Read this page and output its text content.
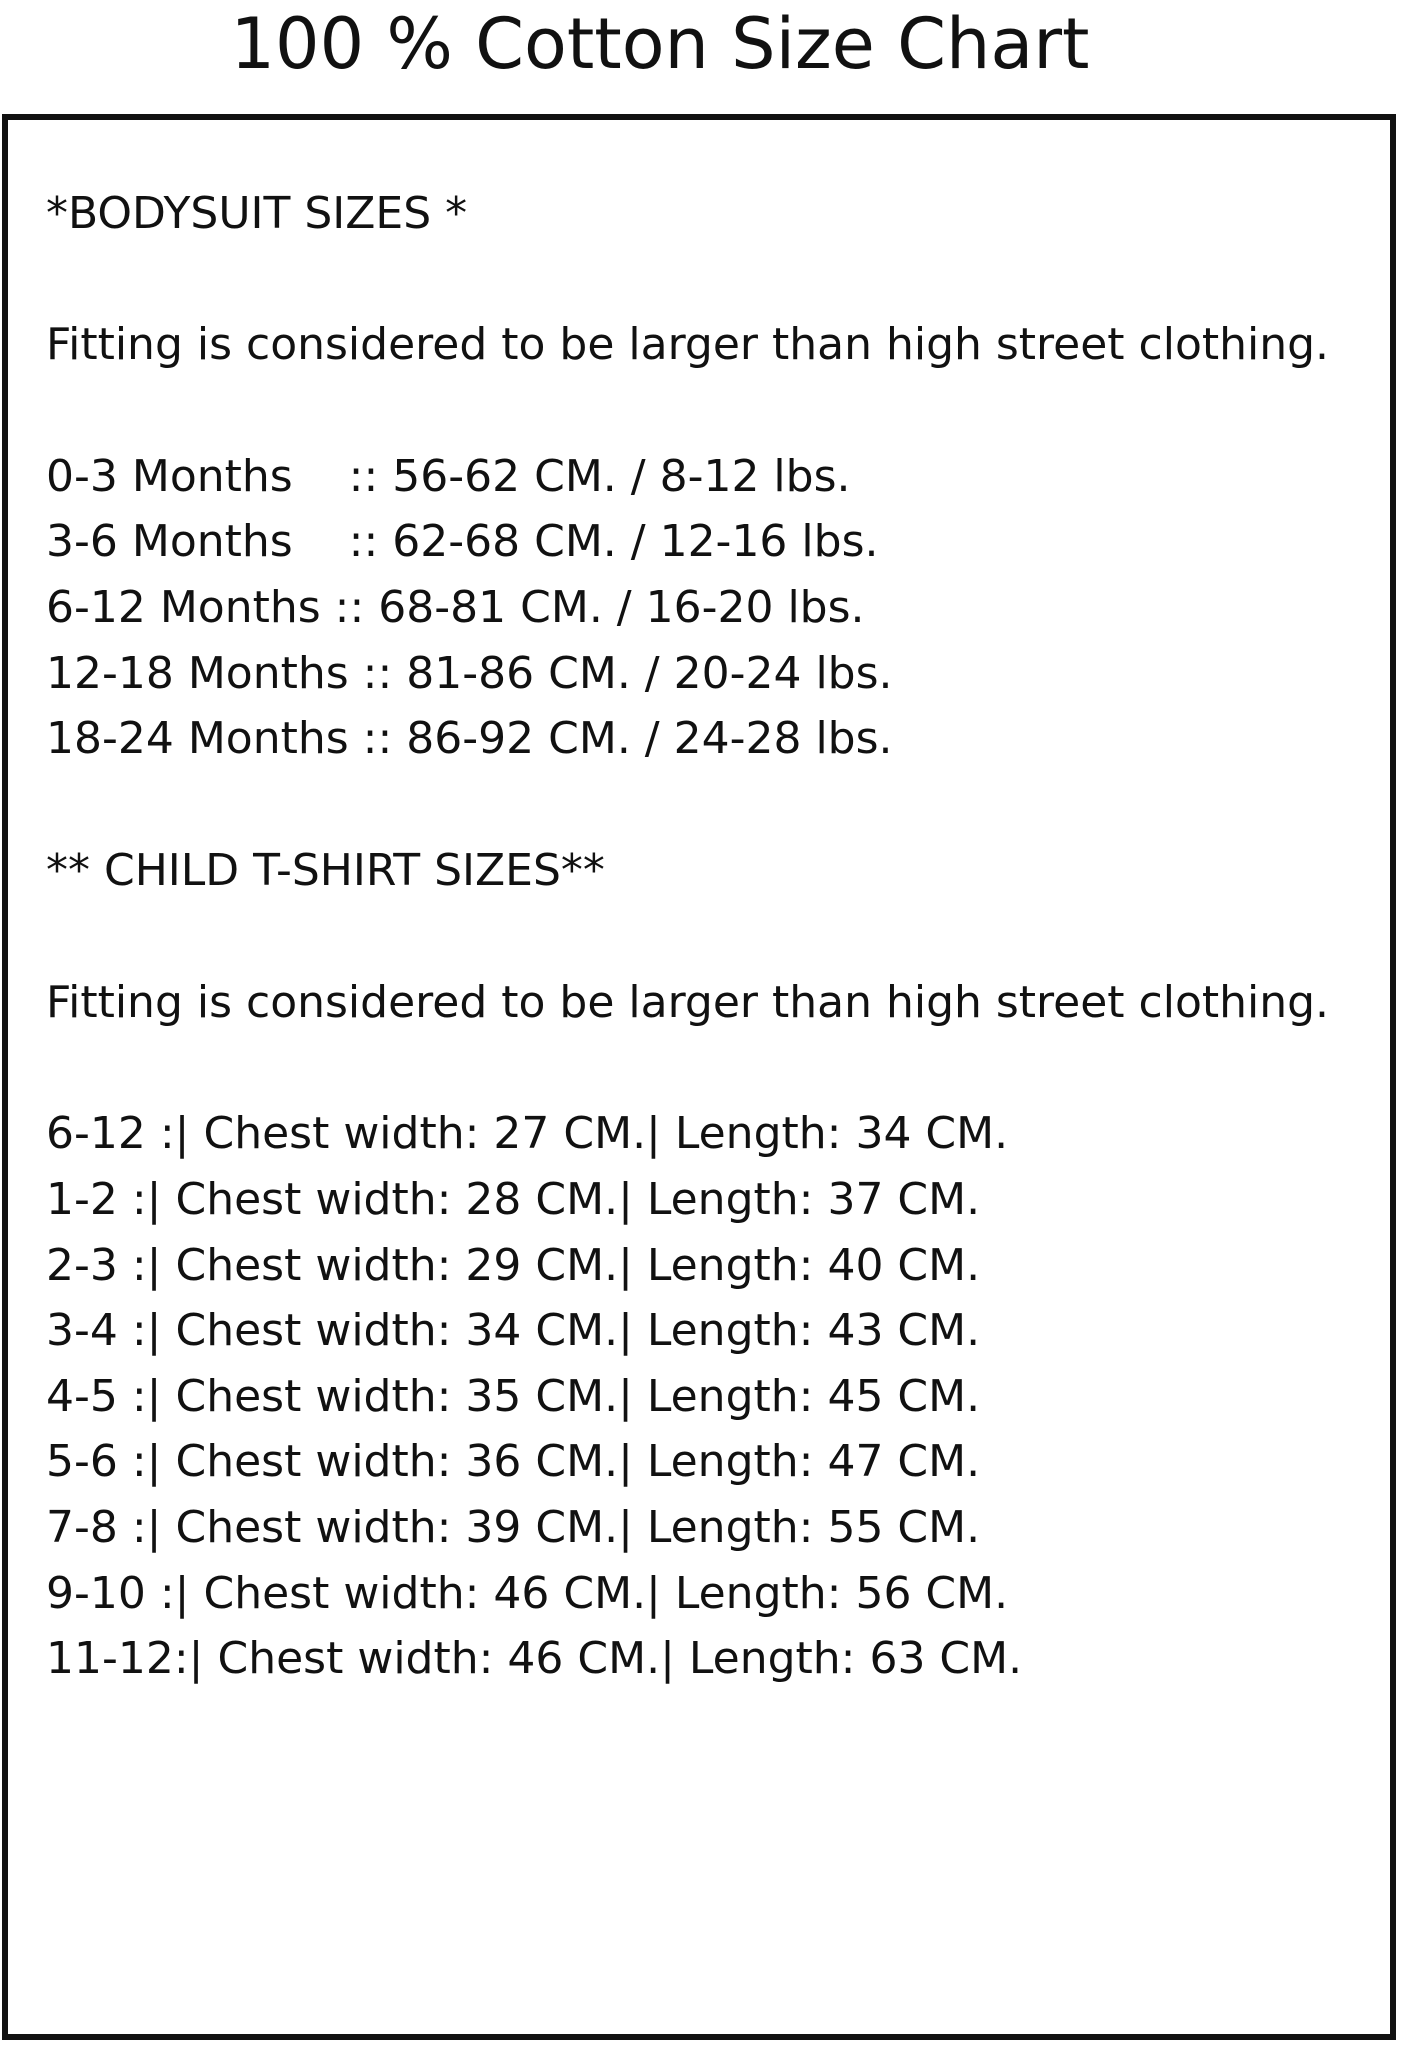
100 % Cotton Size Chart

*BODYSUIT SIZES *

Fitting is considered to be larger than high street clothing.

0-3 Months    :: 56-62 CM. / 8-12 lbs.

3-6 Months    :: 62-68 CM. / 12-16 lbs.

6-12 Months :: 68-81 CM. / 16-20 lbs.

12-18 Months :: 81-86 CM. / 20-24 lbs.

18-24 Months :: 86-92 CM. / 24-28 lbs.

** CHILD T-SHIRT SIZES**

Fitting is considered to be larger than high street clothing.

6-12 :| Chest width: 27 CM.| Length: 34 CM.

1-2 :| Chest width: 28 CM.| Length: 37 CM.

2-3 :| Chest width: 29 CM.| Length: 40 CM.

3-4 :| Chest width: 34 CM.| Length: 43 CM.

4-5 :| Chest width: 35 CM.| Length: 45 CM.

5-6 :| Chest width: 36 CM.| Length: 47 CM.

7-8 :| Chest width: 39 CM.| Length: 55 CM.

9-10 :| Chest width: 46 CM.| Length: 56 CM.

11-12:| Chest width: 46 CM.| Length: 63 CM.
